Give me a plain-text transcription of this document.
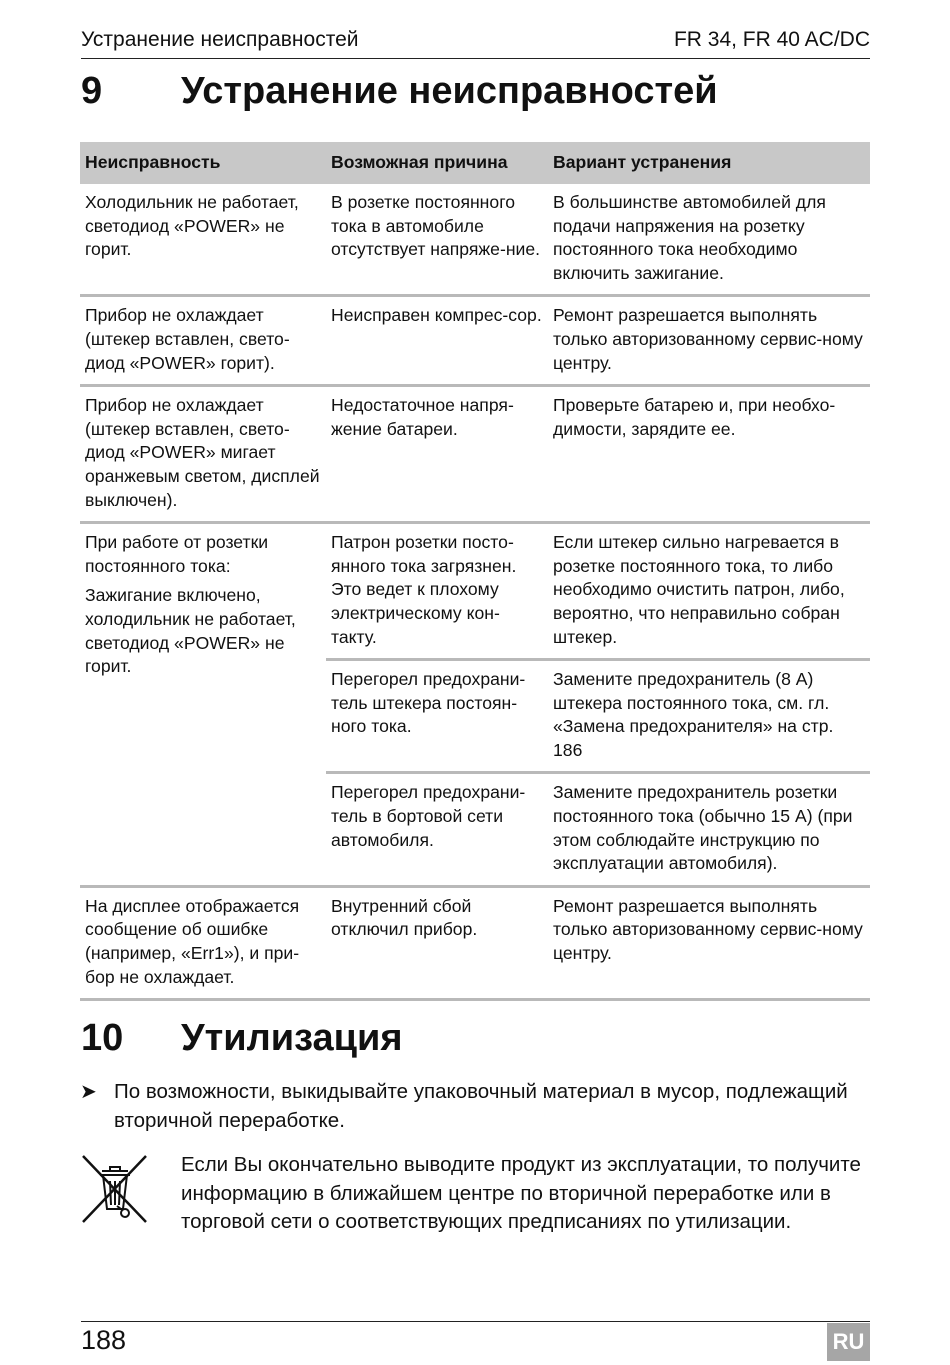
Устранение неисправностей	FR 34, FR 40 AC/DC
9 Устранение неисправностей
Неисправность	Возможная причина	Вариант устранения
Холодильник не работает, светодиод «POWER» не горит.	В розетке постоянного тока в автомобиле отсутствует напряже-ние.	В большинстве автомобилей для подачи напряжения на розетку постоянного тока необходимо включить зажигание.
Прибор не охлаждает (штекер вставлен, свето-диод «POWER» горит).	Неисправен компрес-сор.	Ремонт разрешается выполнять только авторизованному сервис-ному центру.
Прибор не охлаждает (штекер вставлен, свето-диод «POWER» мигает оранжевым светом, дисплей выключен).	Недостаточное напря-жение батареи.	Проверьте батарею и, при необхо-димости, зарядите ее.

При работе от розетки постоянного тока:
Зажигание включено, холодильник не работает, светодиод «POWER» не горит.	Патрон розетки посто-янного тока загрязнен. Это ведет к плохому электрическому кон-такту.	Если штекер сильно нагревается в розетке постоянного тока, то либо необходимо очистить патрон, либо, вероятно, что неправильно собран штекер.
	Перегорел предохрани-тель штекера постоян-ного тока.	Замените предохранитель (8 A) штекера постоянного тока, см. гл. «Замена предохранителя» на стр. 186
	Перегорел предохрани-тель в бортовой сети автомобиля.	Замените предохранитель розетки постоянного тока (обычно 15 A) (при этом соблюдайте инструкцию по эксплуатации автомобиля).
На дисплее отображается сообщение об ошибке (например, «Err1»), и при-бор не охлаждает.	Внутренний сбой отключил прибор.	Ремонт разрешается выполнять только авторизованному сервис-ному центру.
10 Утилизация
➤ По возможности, выкидывайте упаковочный материал в мусор, подлежащий вторичной переработке.
Если Вы окончательно выводите продукт из эксплуатации, то получите информацию в ближайшем центре по вторичной переработке или в торговой сети о соответствующих предписаниях по утилизации.
188	RU
